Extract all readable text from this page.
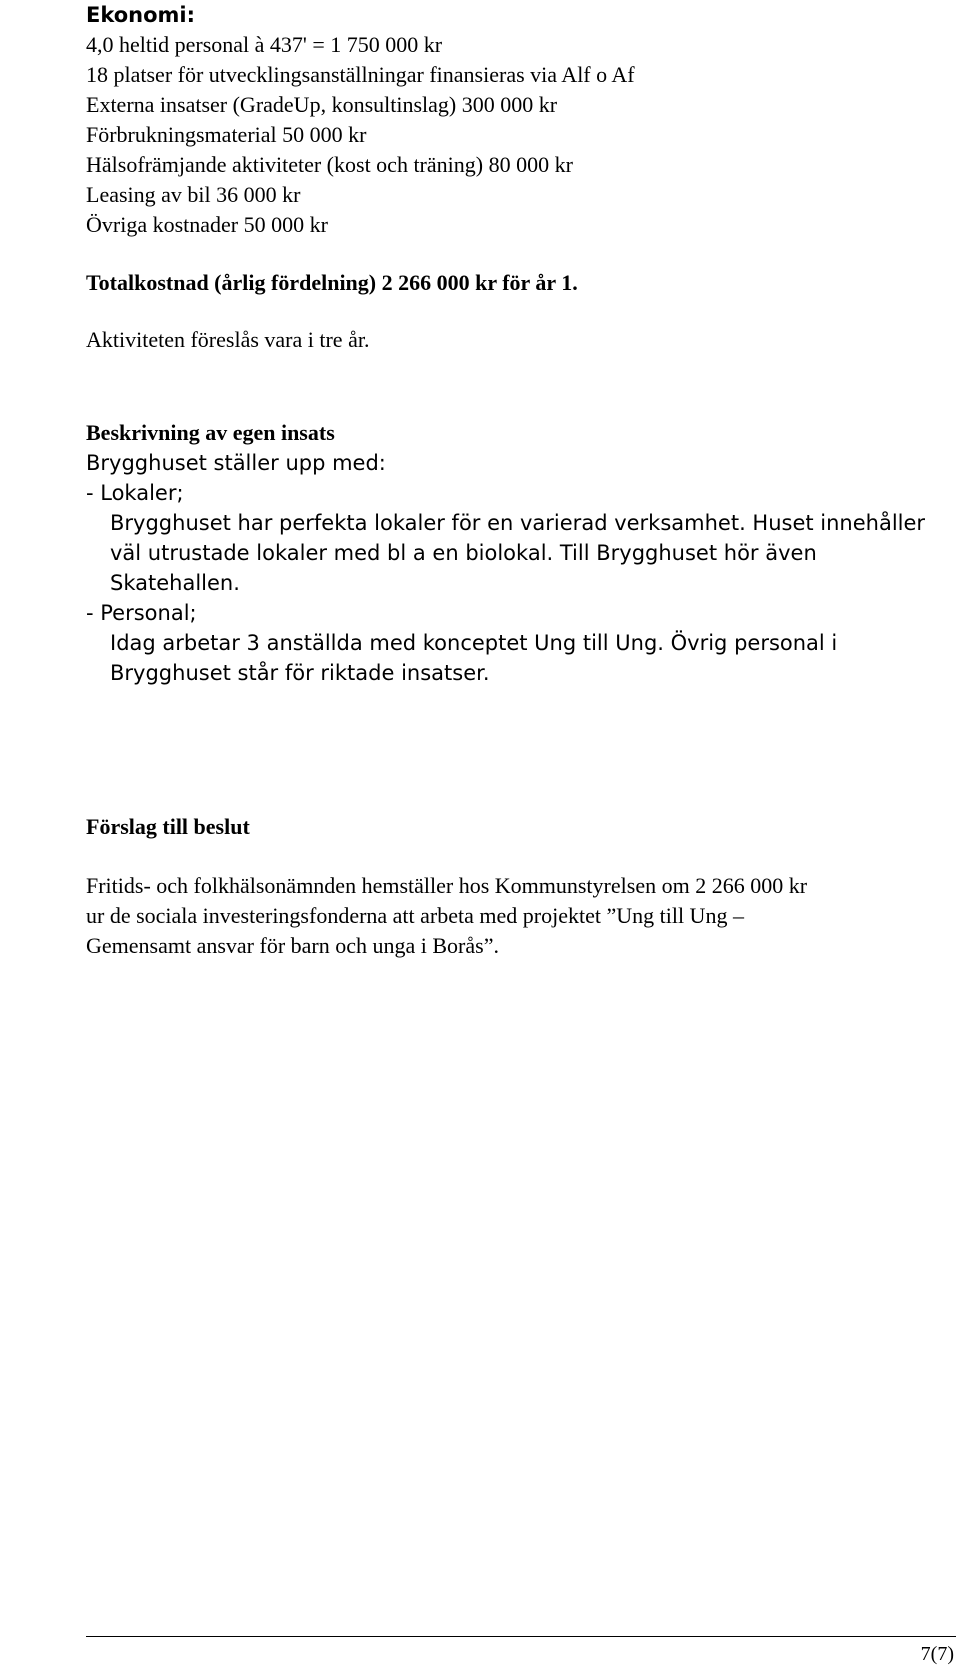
Ekonomi:

4,0 heltid personal à 437' = 1 750 000 kr

18 platser för utvecklingsanställningar finansieras via Alf o Af

Externa insatser (GradeUp, konsultinslag) 300 000 kr

Förbrukningsmaterial 50 000 kr

Hälsofrämjande aktiviteter (kost och träning) 80 000 kr

Leasing av bil 36 000 kr

Övriga kostnader 50 000 kr

Totalkostnad (årlig fördelning) 2 266 000 kr för år 1.

Aktiviteten föreslås vara i tre år.

Beskrivning av egen insats

Brygghuset ställer upp med:

- Lokaler;

Brygghuset har perfekta lokaler för en varierad verksamhet. Huset innehåller

väl utrustade lokaler med bl a en biolokal. Till Brygghuset hör även

Skatehallen.

- Personal;

Idag arbetar 3 anställda med konceptet Ung till Ung. Övrig personal i

Brygghuset står för riktade insatser.

Förslag till beslut

Fritids- och folkhälsonämnden hemställer hos Kommunstyrelsen om 2 266 000 kr

ur de sociala investeringsfonderna att arbeta med projektet ”Ung till Ung –

Gemensamt ansvar för barn och unga i Borås”.

7(7)
